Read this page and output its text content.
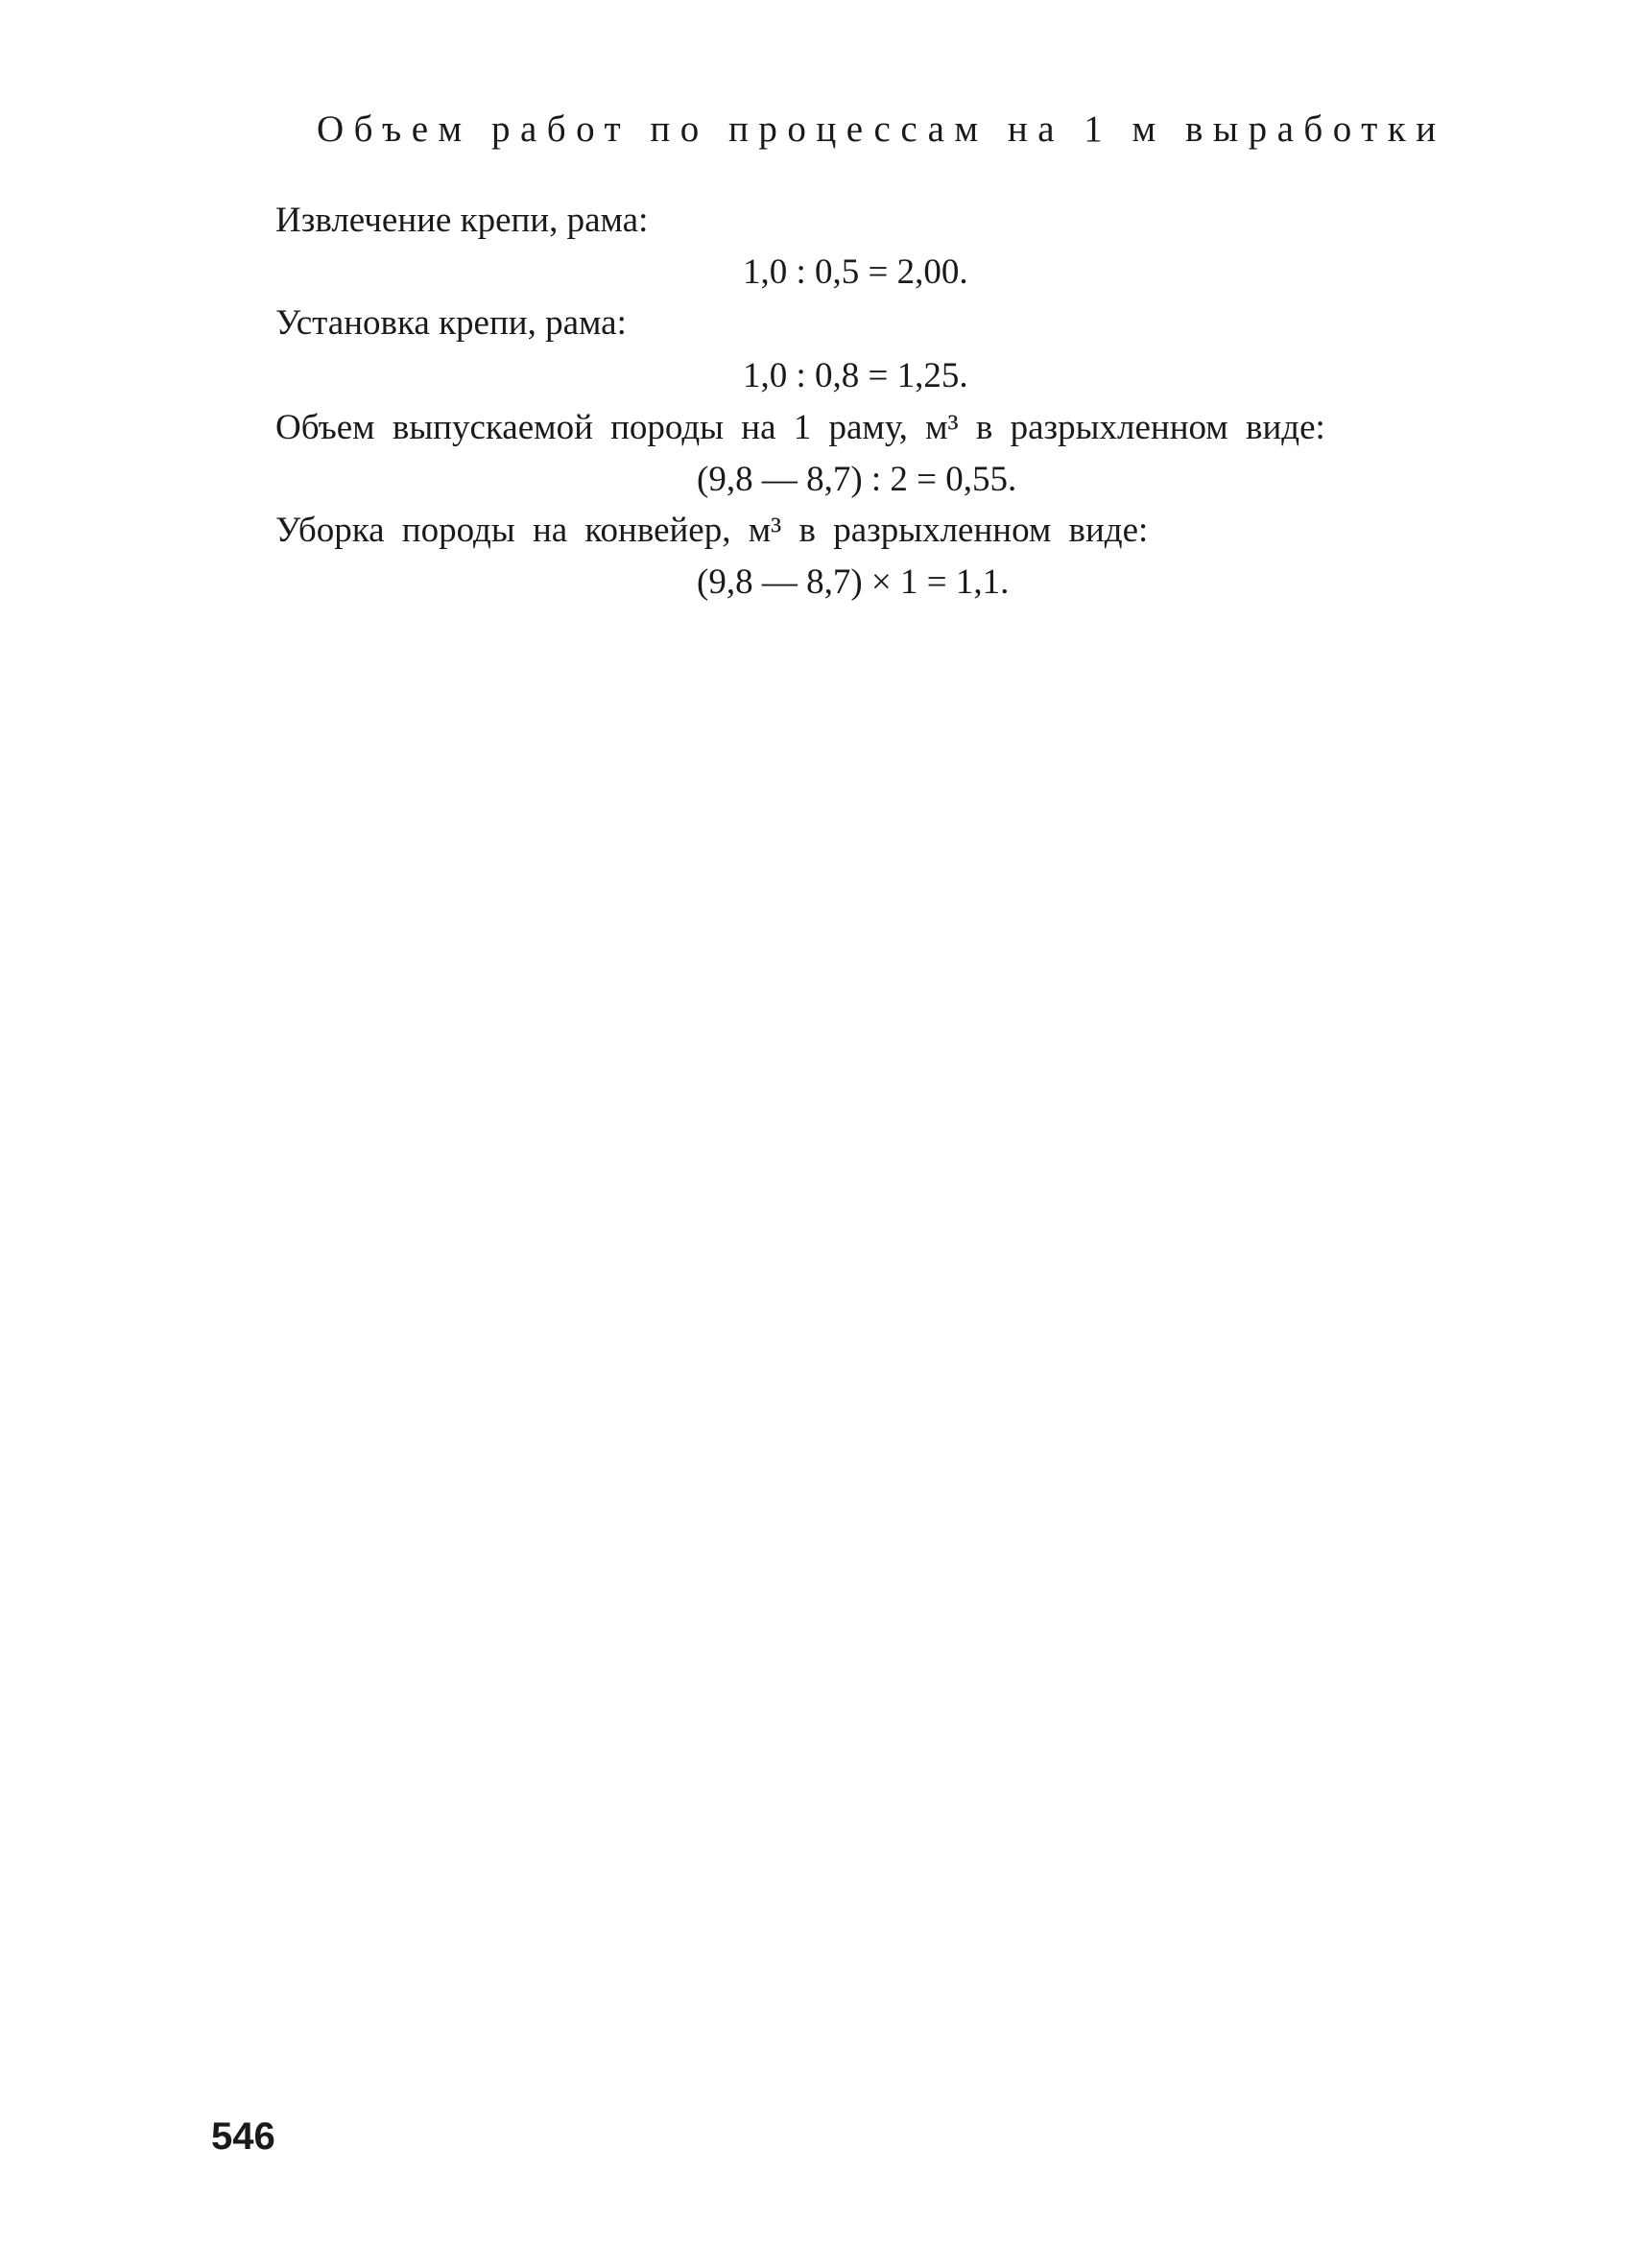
Объем работ по процессам на 1 м выработки
Извлечение крепи, рама:
1,0 : 0,5 = 2,00.
Установка крепи, рама:
1,0 : 0,8 = 1,25.
Объем выпускаемой породы на 1 раму, м³ в разрыхленном виде:
(9,8 — 8,7) : 2 = 0,55.
Уборка породы на конвейер, м³ в разрыхленном виде:
(9,8 — 8,7) × 1 = 1,1.
546
